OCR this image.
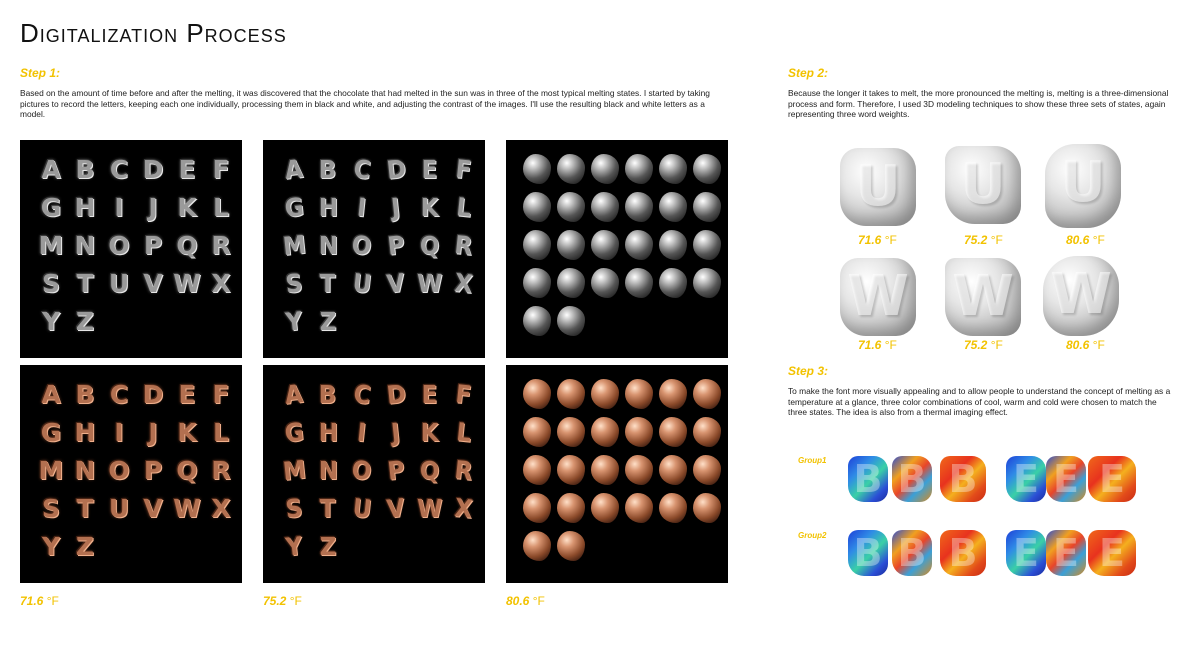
Digitalization Process
Step 1:

Based on the amount of time before and after the melting, it was discovered that the chocolate that had melted in the sun was in three of the most typical melting states. I started by taking pictures to record the letters, keeping each one individually, processing them in black and white, and adjusting the contrast of the images. I'll use the resulting black and white letters as a model.

A B C D E F
G H I J K L
M N O P Q R
S T U V W X
Y Z
A B C D E F
G H I J K L
M N O P Q R
S T U V W X
Y Z
A B C D E F
G H I J K L
M N O P Q R
S T U V W X
Y Z
A B C D E F
G H I J K L
M N O P Q R
S T U V W X
Y Z
71.6 °F	75.2 °F	80.6 °F
Step 2:

Because the longer it takes to melt, the more pronounced the melting is, melting is a three-dimensional process and form. Therefore, I used 3D modeling techniques to show these three sets of states, again representing three word weights.

U U U
71.6 °F	75.2 °F	80.6 °F
W W W
71.6 °F	75.2 °F	80.6 °F
Step 3:

To make the font more visually appealing and to allow people to understand the concept of melting as a temperature at a glance, three color combinations of cool, warm and cold were chosen to match the three states. The idea is also from a thermal imaging effect.

Group1
Group2
B B B E E E
B B B E E E
